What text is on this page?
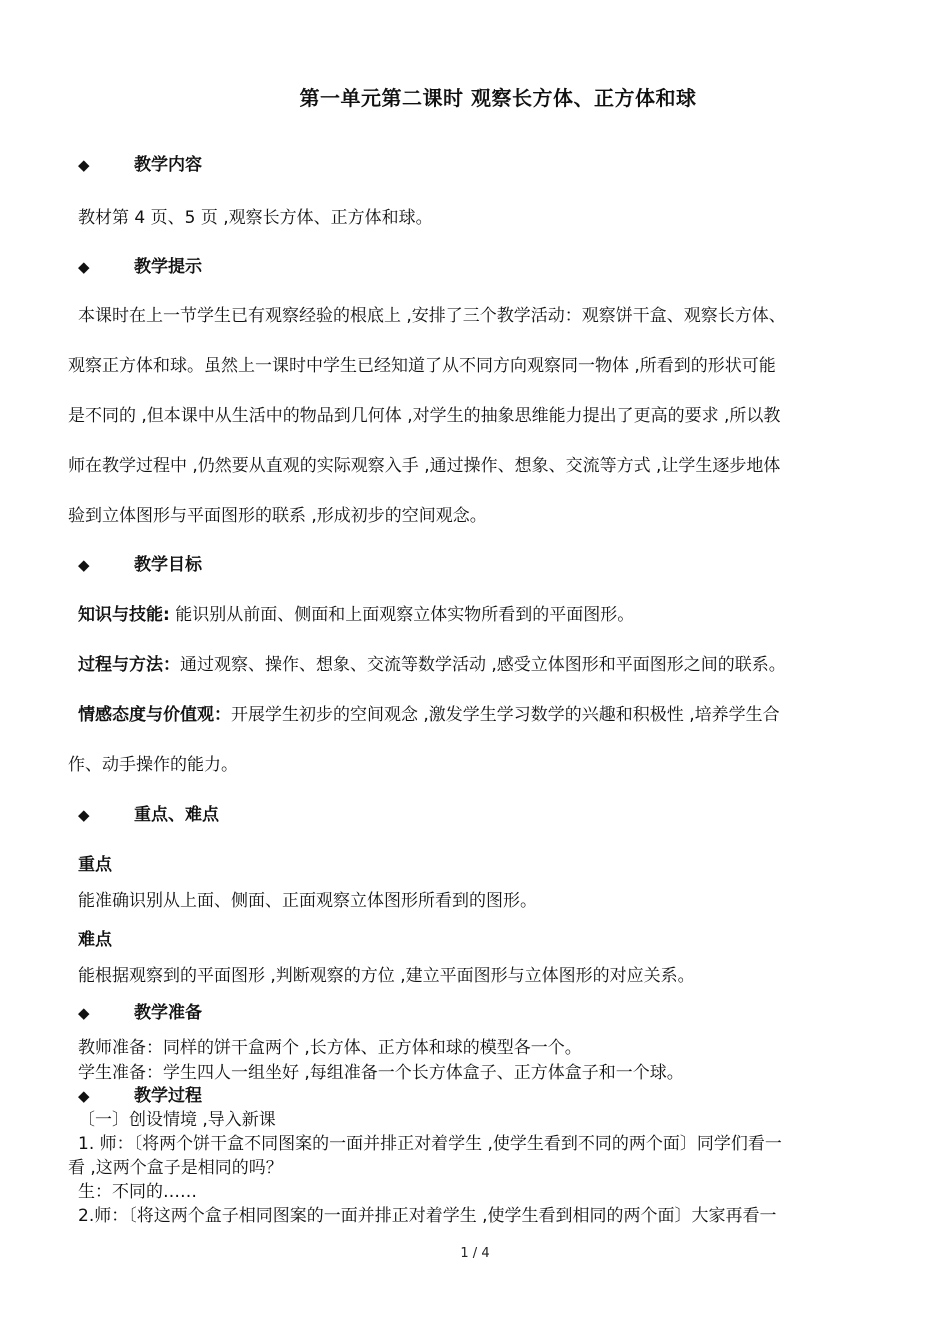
第一单元第二课时 观察长方体、正方体和球
◆	教学内容
教材第 4 页、5 页 ,观察长方体、正方体和球。
◆	教学提示
本课时在上一节学生已有观察经验的根底上 ,安排了三个教学活动：观察饼干盒、观察长方体、
观察正方体和球。虽然上一课时中学生已经知道了从不同方向观察同一物体 ,所看到的形状可能
是不同的 ,但本课中从生活中的物品到几何体 ,对学生的抽象思维能力提出了更高的要求 ,所以教
师在教学过程中 ,仍然要从直观的实际观察入手 ,通过操作、想象、交流等方式 ,让学生逐步地体
验到立体图形与平面图形的联系 ,形成初步的空间观念。
◆	教学目标
知识与技能: 能识别从前面、侧面和上面观察立体实物所看到的平面图形。
过程与方法：通过观察、操作、想象、交流等数学活动 ,感受立体图形和平面图形之间的联系。
情感态度与价值观：开展学生初步的空间观念 ,激发学生学习数学的兴趣和积极性 ,培养学生合
作、动手操作的能力。
◆	重点、难点
重点
能准确识别从上面、侧面、正面观察立体图形所看到的图形。
难点
能根据观察到的平面图形 ,判断观察的方位 ,建立平面图形与立体图形的对应关系。
◆	教学准备
教师准备：同样的饼干盒两个 ,长方体、正方体和球的模型各一个。
学生准备：学生四人一组坐好 ,每组准备一个长方体盒子、正方体盒子和一个球。
◆	教学过程
〔一〕创设情境 ,导入新课
1. 师：〔将两个饼干盒不同图案的一面并排正对着学生 ,使学生看到不同的两个面〕同学们看一
看 ,这两个盒子是相同的吗？
生：不同的……
2.师：〔将这两个盒子相同图案的一面并排正对着学生 ,使学生看到相同的两个面〕大家再看一
1 / 4
